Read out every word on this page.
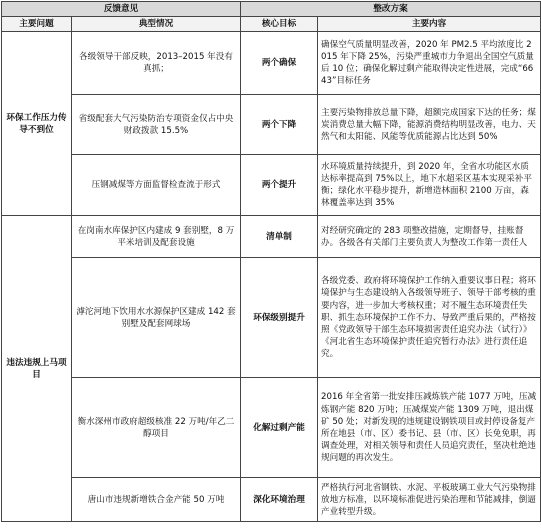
反馈意见		整改方案	
主要问题	典型情况	核心目标	主要内容
环保工作压力传导不到位	各级领导干部反映，2013–2015 年没有真抓；	两个确保	确保空气质量明显改善，2020 年 PM2.5 平均浓度比 2015 年下降 25%，污染严重城市力争退出全国空气质量后 10 位；确保化解过剩产能取得决定性进展，完成“6643”目标任务
	省级配套大气污染防治专项资金仅占中央财政拨款 15.5%	两个下降	主要污染物排放总量下降，超额完成国家下达的任务；煤炭消费总量大幅下降，能源消费结构明显改善，电力、天然气和太阳能、风能等优质能源占比达到 50%
	压钢减煤等方面监督检查流于形式	两个提升	水环境质量持续提升，到 2020 年，全省水功能区水质达标率提高到 75%以上，地下水超采区基本实现采补平衡；绿化水平稳步提升，新增造林面积 2100 万亩，森林覆盖率达到 35%
违法违规上马项目	在岗南水库保护区内建成 9 套别墅，8 万平米培训及配套设施	清单制	对经研究确定的 283 项整改措施，定期督导，挂账督办。各级各有关部门主要负责人为整改工作第一责任人
	滹沱河地下饮用水水源保护区建成 142 套别墅及配套网球场	环保级别提升	各级党委、政府将环境保护工作纳入重要议事日程；将环境保护与生态建设纳入各级领导班子、领导干部考核的重要内容，进一步加大考核权重；对不履生态环境责任失职、抓生态环境保护工作不力、导致严重后果的，严格按照《党政领导干部生态环境损害责任追究办法（试行）》《河北省生态环境保护责任追究暂行办法》进行责任追究。
	衡水深州市政府超级核准 22 万吨/年乙二醇项目	化解过剩产能	2016 年全省第一批安排压减炼铁产能 1077 万吨，压减炼钢产能 820 万吨；压减煤炭产能 1309 万吨，退出煤矿 50 处；对新发现的违规建设钢铁项目或封停设备复产所在地县（市、区）委书记、县（市、区）长免免职，再调查处理，对相关领导和责任人员追究责任，坚决杜绝违规问题的再次发生。
	唐山市违规新增铁合金产能 50 万吨	深化环境治理	严格执行河北省钢铁、水泥、平板玻璃工业大气污染物排放地方标准，以环境标准促进污染治理和节能减排，倒逼产业转型升级。
